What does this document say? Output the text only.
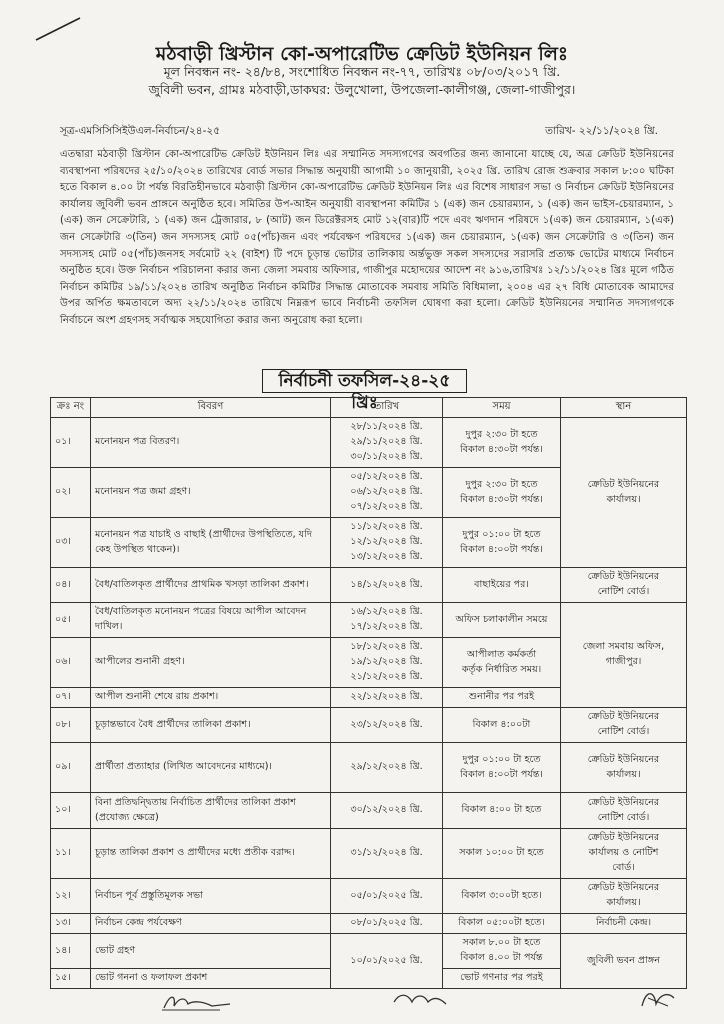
মঠবাড়ী খ্রিস্টান কো-অপারেটিভ ক্রেডিট ইউনিয়ন লিঃ
মূল নিবন্ধন নং- ২৪/৮৪, সংশোধিত নিবন্ধন নং-৭৭, তারিখঃ ০৮/০৩/২০১৭ খ্রি.
জুবিলী ভবন, গ্রামঃ মঠবাড়ী,ডাকঘর: উলুখোলা, উপজেলা-কালীগঞ্জ, জেলা-গাজীপুর।
সূত্র-এমসিসিসিইউএল-নির্বাচন/২৪-২৫	তারিখ- ২২/১১/২০২৪ খ্রি.
এতদ্বারা মঠবাড়ী খ্রিস্টান কো-অপারেটিভ ক্রেডিট ইউনিয়ন লিঃ এর সম্মানিত সদস্যগণের অবগতির জন্য জানানো যাচ্ছে যে, অত্র ক্রেডিট ইউনিয়নের ব্যবস্থাপনা পরিষদের ২৫/১০/২০২৪ তারিখের বোর্ড সভার সিদ্ধান্ত অনুযায়ী আগামী ১০ জানুয়ারী, ২০২৫ খ্রি. তারিখ রোজ শুক্রবার সকাল ৮:০০ ঘটিকা হতে বিকাল ৪.০০ টা পর্যন্ত বিরতিহীনভাবে মঠবাড়ী খ্রিস্টান কো-অপারেটিভ ক্রেডিট ইউনিয়ন লিঃ এর বিশেষ সাধারণ সভা ও নির্বাচন ক্রেডিট ইউনিয়নের কার্যালয় জুবিলী ভবন প্রাঙ্গনে অনুষ্ঠিত হবে। সমিতির উপ-আইন অনুযায়ী ব্যবস্থাপনা কমিটির ১ (এক) জন চেয়ারম্যান, ১ (এক) জন ভাইস-চেয়ারম্যান, ১ (এক) জন সেক্রেটারি, ১ (এক) জন ট্রেজারার, ৮ (আট) জন ডিরেক্টরসহ মোট ১২(বার)টি পদে এবং ঋণদান পরিষদে ১(এক) জন চেয়ারম্যান, ১(এক) জন সেক্রেটারি ৩(তিন) জন সদস্যসহ মোট ০৫(পাঁচ)জন এবং পর্যবেক্ষণ পরিষদের ১(এক) জন চেয়ারম্যান, ১(এক) জন সেক্রেটারি ও ৩(তিন) জন সদস্যসহ মোট ০৫(পাঁচ)জনসহ সর্বমোট ২২ (বাইশ) টি পদে চূড়ান্ত ভোটার তালিকায় অর্ন্তভুক্ত সকল সদস্যদের সরাসরি প্রত্যক্ষ ভোটের মাধ্যমে নির্বাচন অনুষ্ঠিত হবে। উক্ত নির্বাচন পরিচালনা করার জন্য জেলা সমবায় অফিসার, গাজীপুর মহোদয়ের আদেশ নং ৯১৬,তারিখঃ ১২/১১/২০২৪ খ্রিঃ মূলে গঠিত নির্বাচন কমিটির ১৯/১১/২০২৪ তারিখ অনুষ্ঠিত নির্বাচন কমিটির সিদ্ধান্ত মোতাবেক সমবায় সমিতি বিধিমালা, ২০০৪ এর ২৭ বিধি মোতাবেক আমাদের উপর অর্পিত ক্ষমতাবলে অদ্য ২২/১১/২০২৪ তারিখে নিম্নরূপ ভাবে নির্বাচনী তফসিল ঘোষণা করা হলো। ক্রেডিট ইউনিয়নের সম্মানিত সদস্যগণকে নির্বাচনে অংশ গ্রহণসহ সর্বাত্মক সহযোগিতা করার জন্য অনুরোধ করা হলো।
নির্বাচনী তফসিল-২৪-২৫ খ্রিঃ
ক্রঃ নং	বিবরণ	তারিখ	সময়	স্থান
০১।	মনোনয়ন পত্র বিতরণ।	২৮/১১/২০২৪ খ্রি.
২৯/১১/২০২৪ খ্রি.
৩০/১১/২০২৪ খ্রি.	দুপুর ২:৩০ টা হতে
বিকাল ৪:৩০টা পর্যন্ত।	ক্রেডিট ইউনিয়নের
কার্যালয়।

০২।	মনোনয়ন পত্র জমা গ্রহণ।	০৫/১২/২০২৪ খ্রি.
০৬/১২/২০২৪ খ্রি.
০৭/১২/২০২৪ খ্রি.	দুপুর ২:৩০ টা হতে
বিকাল ৪:৩০টা পর্যন্ত।	

০৩।	মনোনয়ন পত্র যাচাই ও বাছাই (প্রার্থীদের উপস্থিতিতে, যদি কেহ উপস্থিত থাকেন)।	১১/১২/২০২৪ খ্রি.
১২/১২/২০২৪ খ্রি.
১৩/১২/২০২৪ খ্রি.	দুপুর ০১:০০ টা হতে
বিকাল ৪:০০টা পর্যন্ত।	

০৪।	বৈধ/বাতিলকৃত প্রার্থীদের প্রাথমিক খসড়া তালিকা প্রকাশ।	১৪/১২/২০২৪ খ্রি.	বাছাইয়ের পর।	ক্রেডিট ইউনিয়নের
নোটিশ বোর্ড।

০৫।	বৈধ/বাতিলকৃত মনোনয়ন পত্রের বিষয়ে আপীল আবেদন দাখিল।	১৬/১২/২০২৪ খ্রি.
১৭/১২/২০২৪ খ্রি.	অফিস চলাকালীন সময়ে	জেলা সমবায় অফিস,
গাজীপুর।

০৬।	আপীলের শুনানী গ্রহণ।	১৮/১২/২০২৪ খ্রি.
১৯/১২/২০২৪ খ্রি.
২১/১২/২০২৪ খ্রি.	আপীলাত কর্মকর্তা
কর্তৃক নির্ধারিত সময়।	

০৭।	আপীল শুনানী শেষে রায় প্রকাশ।	২২/১২/২০২৪ খ্রি.	শুনানীর পর পরই	

০৮।	চূড়ান্তভাবে বৈধ প্রার্থীদের তালিকা প্রকাশ।	২৩/১২/২০২৪ খ্রি.	বিকাল ৪:০০টা	ক্রেডিট ইউনিয়নের
নোটিশ বোর্ড।

০৯।	প্রার্থীতা প্রত্যাহার (লিখিত আবেদনের মাধ্যমে)।	২৯/১২/২০২৪ খ্রি.	দুপুর ০১:০০ টা হতে
বিকাল ৪:০০টা পর্যন্ত।	ক্রেডিট ইউনিয়নের
কার্যালয়।

১০।	বিনা প্রতিদ্বন্দ্বিতায় নির্বাচিত প্রার্থীদের তালিকা প্রকাশ (প্রযোজ্য ক্ষেত্রে)	৩০/১২/২০২৪ খ্রি.	বিকাল ৪:০০ টা হতে	ক্রেডিট ইউনিয়নের
নোটিশ বোর্ড।

১১।	চূড়ান্ত তালিকা প্রকাশ ও প্রার্থীদের মধ্যে প্রতীক বরাদ্দ।	৩১/১২/২০২৪ খ্রি.	সকাল ১০:০০ টা হতে	ক্রেডিট ইউনিয়নের
কার্যালয় ও নোটিশ
বোর্ড।

১২।	নির্বাচন পূর্ব প্রস্তুতিমূলক সভা	০৫/০১/২০২৫ খ্রি.	বিকাল ৩:০০টা হতে।	ক্রেডিট ইউনিয়নের
কার্যালয়।

১৩।	নির্বাচন কেন্দ্র পর্যবেক্ষণ	০৮/০১/২০২৫ খ্রি.	বিকাল ০৫:০০টা হতে।	নির্বাচনী কেন্দ্র।

১৪।	ভোট গ্রহণ	১০/০১/২০২৫ খ্রি.	সকাল ৮.০০ টা হতে
বিকাল ৪.০০ টা পর্যন্ত	জুবিলী ভবন প্রাঙ্গন

১৫।	ভোট গননা ও ফলাফল প্রকাশ		ভোট গণনার পর পরই	
